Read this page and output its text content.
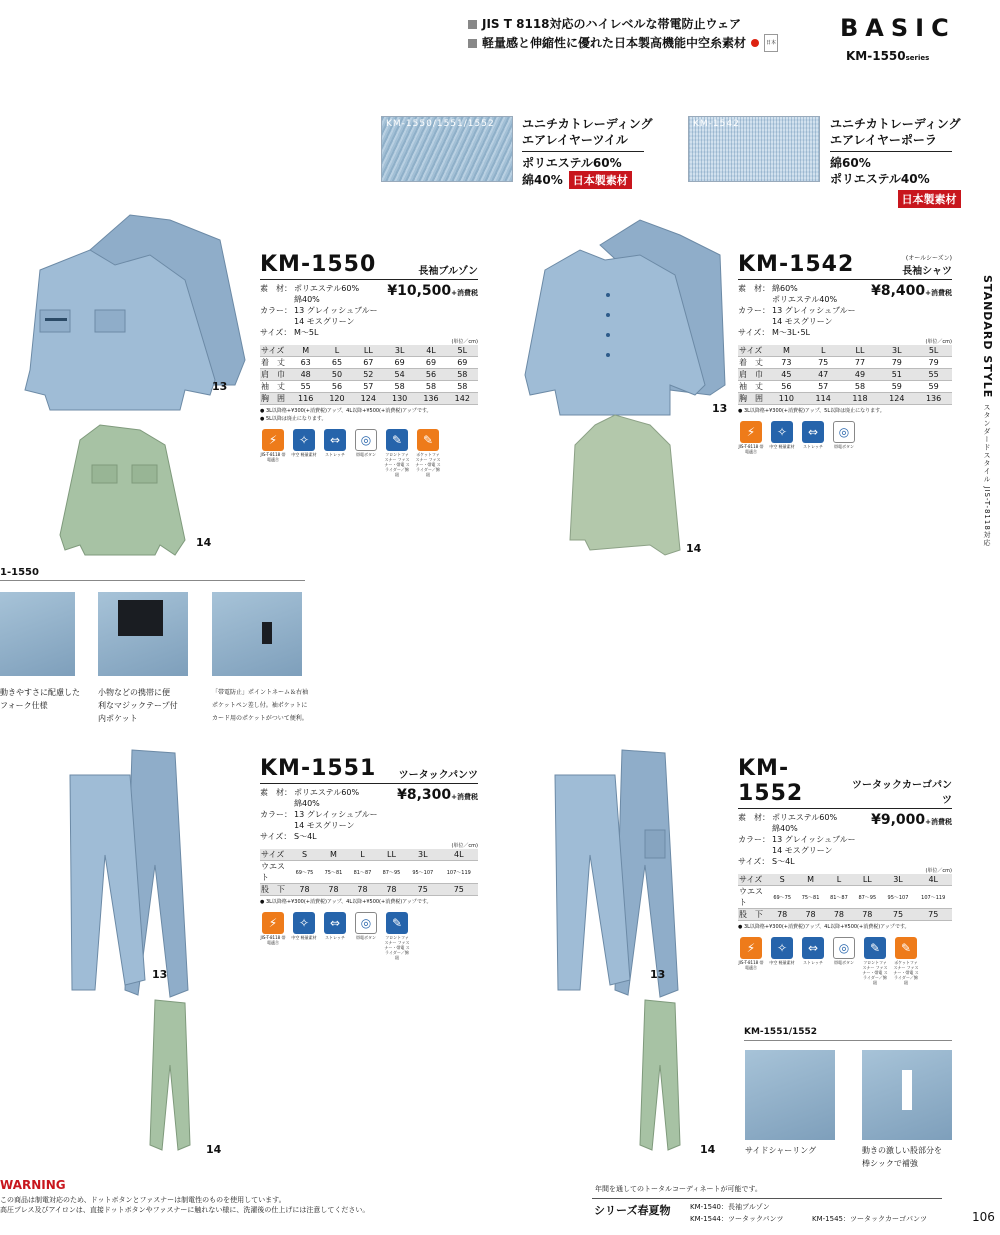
JIS T 8118対応のハイレベルな帯電防止ウェア
軽量感と伸縮性に優れた日本製高機能中空糸素材	日本
BASIC
KM-1550series
KM-1550/1551/1552 ユニチカトレーディング
エアレイヤーツイル
ポリエステル60%
綿40% 日本製素材
KM-1542	ユニチカトレーディング
エアレイヤーポーラ
綿60%
ポリエステル40%
日本製素材
STANDARD STYLE スタンダードスタイル JIS-T-8118対応
13
14
13
14
13
14
13
14
KM-1550	長袖ブルゾン
素　材： ポリエステル60%
綿40%
カラー： 13 グレイッシュブルー
14 モスグリーン
サイズ： M～5L
¥10,500+消費税
(単位／cm)
サイズ	M	L	LL	3L	4L	5L
着　丈	63	65	67	69	69	69
肩　巾	48	50	52	54	56	58
袖　丈	55	56	57	58	58	58
胸　囲	116	120	124	130	136	142
● 3L以降格+¥300(+消費税)アップ、4L以降+¥500(+消費税)アップです。
● 5L以降は廃止になります。
⚡
JIS-T-8118 帯電適合
✧
中空 軽量素材
⇔
ストレッチ
◎
帯電ボタン
✎
フロントファスナー ファスナー・帯電 スライダー／綿紐
✎
ポケットファスナー ファスナー・帯電 スライダー／綿紐
KM-1542	(オールシーズン)
長袖シャツ
素　材： 綿60%
ポリエステル40%
カラー： 13 グレイッシュブルー
14 モスグリーン
サイズ： M～3L･5L
¥8,400+消費税
(単位／cm)
サイズ	M	L	LL	3L	5L
着　丈	73	75	77	79	79
肩　巾	45	47	49	51	55
袖　丈	56	57	58	59	59
胸　囲	110	114	118	124	136
● 3L以降格+¥300(+消費税)アップ、5L以降は廃止になります。
⚡
JIS-T-8118 帯電適合
✧
中空 軽量素材
⇔
ストレッチ
◎
帯電ボタン
KM-1551 ツータックパンツ
素　材： ポリエステル60%
綿40%
カラー： 13 グレイッシュブルー
14 モスグリーン
サイズ： S～4L
¥8,300+消費税
(単位／cm)
サイズ	S	M	L	LL	3L	4L
ウエスト	69～75	75～81	81～87	87～95	95～107	107～119
股　下	78	78	78	78	75	75
● 3L以降格+¥300(+消費税)アップ、4L以降+¥500(+消費税)アップです。
⚡
JIS-T-8118 帯電適合
✧
中空 軽量素材
⇔
ストレッチ
◎
帯電ボタン
✎
フロントファスナー ファスナー・帯電 スライダー／綿紐
KM-1552	ツータックカーゴパンツ
素　材： ポリエステル60%
綿40%
カラー： 13 グレイッシュブルー
14 モスグリーン
サイズ： S～4L
¥9,000+消費税
(単位／cm)
サイズ	S	M	L	LL	3L	4L
ウエスト	69～75	75～81	81～87	87～95	95～107	107～119
股　下	78	78	78	78	75	75
● 3L以降格+¥300(+消費税)アップ、4L以降+¥500(+消費税)アップです。
⚡
JIS-T-8118 帯電適合
✧
中空 軽量素材
⇔
ストレッチ
◎
帯電ボタン
✎
フロントファスナー ファスナー・帯電 スライダー／綿紐
✎
ポケットファスナー ファスナー・帯電 スライダー／綿紐
1-1550
動きやすさに配慮した
フォーク仕様
小物などの携帯に便
利なマジックテープ付
内ポケット
「帯電防止」ポイントネーム＆右袖
ポケットペン差し付。袖ポケットに
カード用のポケットがついて便利。
KM-1551/1552
サイドシャーリング	動きの激しい股部分を
棒シックで補強
WARNING
この商品は制電対応のため、ドットボタンとファスナーは制電性のものを使用しています。
高圧プレス及びアイロンは、直接ドットボタンやファスナーに触れない様に、洗濯後の仕上げには注意してください。
年間を通してのトータルコーディネートが可能です。
シリーズ春夏物	KM-1540：長袖ブルゾン
KM-1544：ツータックパンツ	KM-1545：ツータックカーゴパンツ	106
